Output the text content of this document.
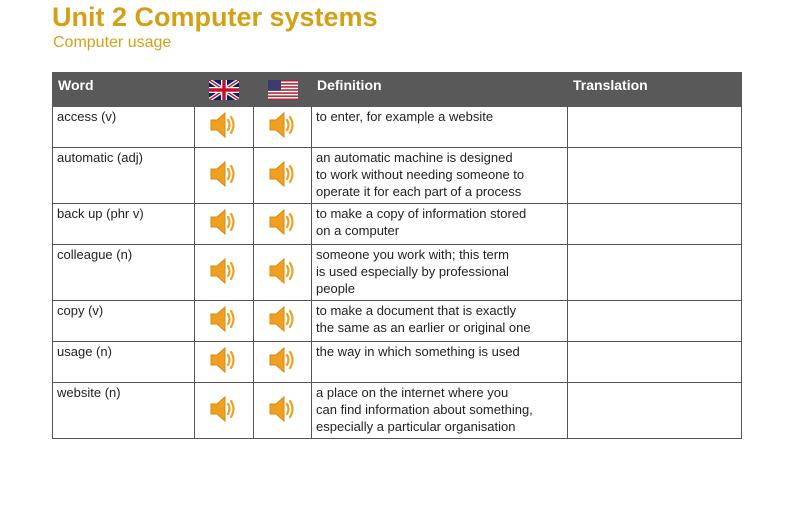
Unit 2 Computer systems
Computer usage
Word			Definition	Translation
access (v)			to enter, for example a website	
automatic (adj)			an automatic machine is designed
to work without needing someone to
operate it for each part of a process	
back up (phr v)			to make a copy of information stored
on a computer	
colleague (n)			someone you work with; this term
is used especially by professional
people	
copy (v)			to make a document that is exactly
the same as an earlier or original one	
usage (n)			the way in which something is used	
website (n)			a place on the internet where you
can find information about something,
especially a particular organisation	
